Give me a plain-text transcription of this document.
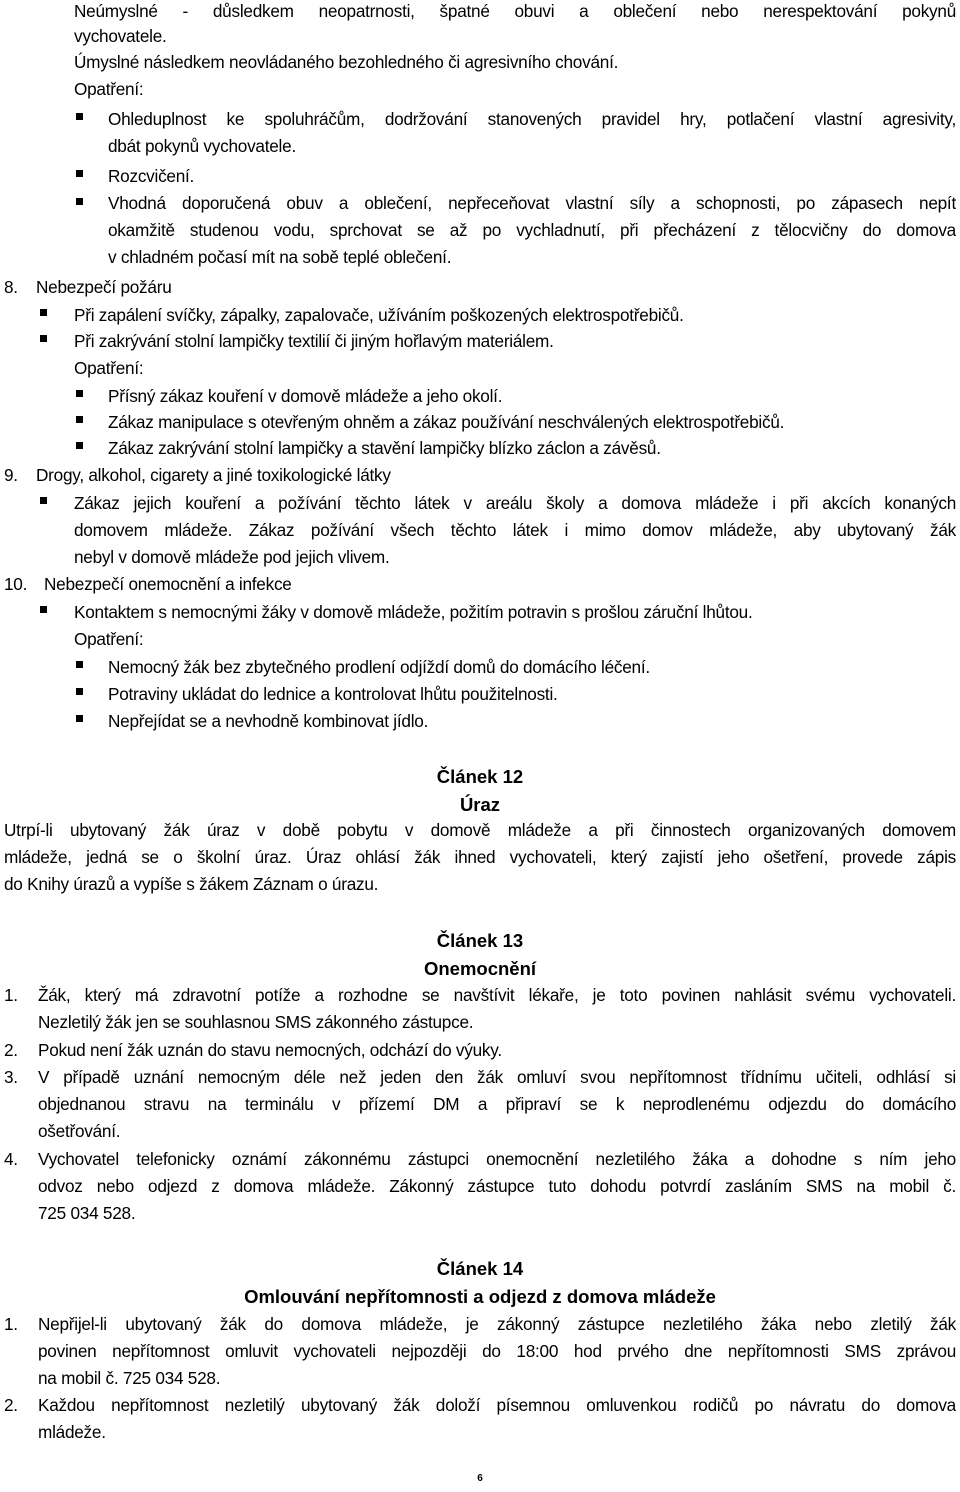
Neúmyslné - důsledkem neopatrnosti, špatné obuvi a oblečení nebo nerespektování pokynů
vychovatele.
Úmyslné následkem neovládaného bezohledného či agresivního chování.
Opatření:
Ohleduplnost ke spoluhráčům, dodržování stanovených pravidel hry, potlačení vlastní agresivity,
dbát pokynů vychovatele.
Rozcvičení.
Vhodná doporučená obuv a oblečení, nepřeceňovat vlastní síly a schopnosti, po zápasech nepít
okamžitě studenou vodu, sprchovat se až po vychladnutí, při přecházení z tělocvičny do domova
v chladném počasí mít na sobě teplé oblečení.
8. Nebezpečí požáru
Při zapálení svíčky, zápalky, zapalovače, užíváním poškozených elektrospotřebičů.
Při zakrývání stolní lampičky textilií či jiným hořlavým materiálem.
Opatření:
Přísný zákaz kouření v domově mládeže a jeho okolí.
Zákaz manipulace s otevřeným ohněm a zákaz používání neschválených elektrospotřebičů.
Zákaz zakrývání stolní lampičky a stavění lampičky blízko záclon a závěsů.
9. Drogy, alkohol, cigarety a jiné toxikologické látky
Zákaz jejich kouření a požívání těchto látek v areálu školy a domova mládeže i při akcích konaných
domovem mládeže. Zákaz požívání všech těchto látek i mimo domov mládeže, aby ubytovaný žák
nebyl v domově mládeže pod jejich vlivem.
10. Nebezpečí onemocnění a infekce
Kontaktem s nemocnými žáky v domově mládeže, požitím potravin s prošlou záruční lhůtou.
Opatření:
Nemocný žák bez zbytečného prodlení odjíždí domů do domácího léčení.
Potraviny ukládat do lednice a kontrolovat lhůtu použitelnosti.
Nepřejídat se a nevhodně kombinovat jídlo.
Článek 12
Úraz
Utrpí-li ubytovaný žák úraz v době pobytu v domově mládeže a při činnostech organizovaných domovem
mládeže, jedná se o školní úraz. Úraz ohlásí žák ihned vychovateli, který zajistí jeho ošetření, provede zápis
do Knihy úrazů a vypíše s žákem Záznam o úrazu.
Článek 13
Onemocnění
1. Žák, který má zdravotní potíže a rozhodne se navštívit lékaře, je toto povinen nahlásit svému vychovateli.
Nezletilý žák jen se souhlasnou SMS zákonného zástupce.
2. Pokud není žák uznán do stavu nemocných, odchází do výuky.
3. V případě uznání nemocným déle než jeden den žák omluví svou nepřítomnost třídnímu učiteli, odhlásí si
objednanou stravu na terminálu v přízemí DM a připraví se k neprodlenému odjezdu do domácího
ošetřování.
4. Vychovatel telefonicky oznámí zákonnému zástupci onemocnění nezletilého žáka a dohodne s ním jeho
odvoz nebo odjezd z domova mládeže. Zákonný zástupce tuto dohodu potvrdí zasláním SMS na mobil č.
725 034 528.
Článek 14
Omlouvání nepřítomnosti a odjezd z domova mládeže
1. Nepřijel-li ubytovaný žák do domova mládeže, je zákonný zástupce nezletilého žáka nebo zletilý žák
povinen nepřítomnost omluvit vychovateli nejpozději do 18:00 hod prvého dne nepřítomnosti SMS zprávou
na mobil č. 725 034 528.
2. Každou nepřítomnost nezletilý ubytovaný žák doloží písemnou omluvenkou rodičů po návratu do domova
mládeže.
6
